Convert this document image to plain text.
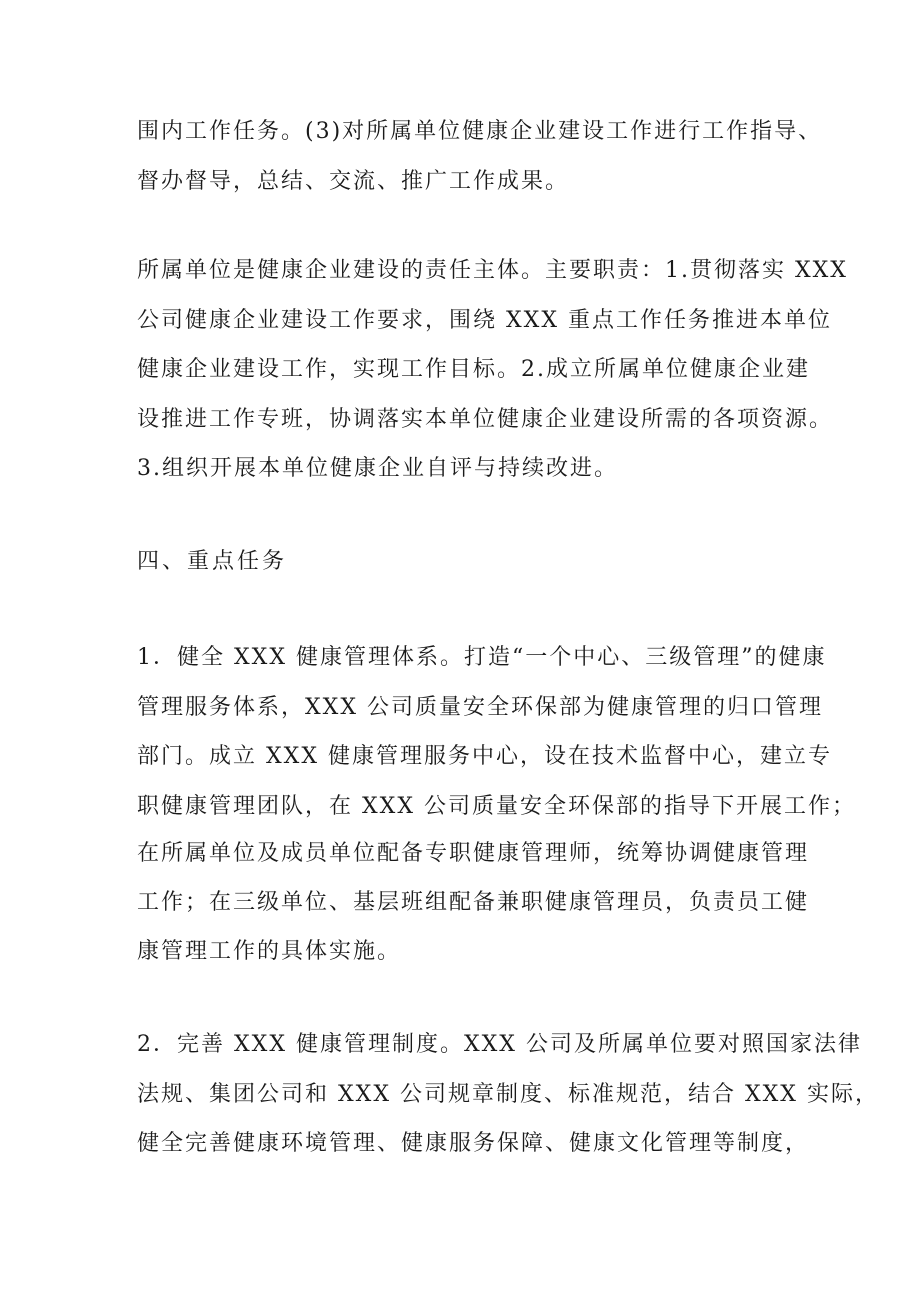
围内工作任务。(3)对所属单位健康企业建设工作进行工作指导、
督办督导，总结、交流、推广工作成果。
所属单位是健康企业建设的责任主体。主要职责：1.贯彻落实 XXX
公司健康企业建设工作要求，围绕 XXX 重点工作任务推进本单位
健康企业建设工作，实现工作目标。2.成立所属单位健康企业建
设推进工作专班，协调落实本单位健康企业建设所需的各项资源。
3.组织开展本单位健康企业自评与持续改进。
四、重点任务
1．健全 XXX 健康管理体系。打造“一个中心、三级管理”的健康
管理服务体系，XXX 公司质量安全环保部为健康管理的归口管理
部门。成立 XXX 健康管理服务中心，设在技术监督中心，建立专
职健康管理团队，在 XXX 公司质量安全环保部的指导下开展工作；
在所属单位及成员单位配备专职健康管理师，统筹协调健康管理
工作；在三级单位、基层班组配备兼职健康管理员，负责员工健
康管理工作的具体实施。
2．完善 XXX 健康管理制度。XXX 公司及所属单位要对照国家法律
法规、集团公司和 XXX 公司规章制度、标准规范，结合 XXX 实际，
健全完善健康环境管理、健康服务保障、健康文化管理等制度，
